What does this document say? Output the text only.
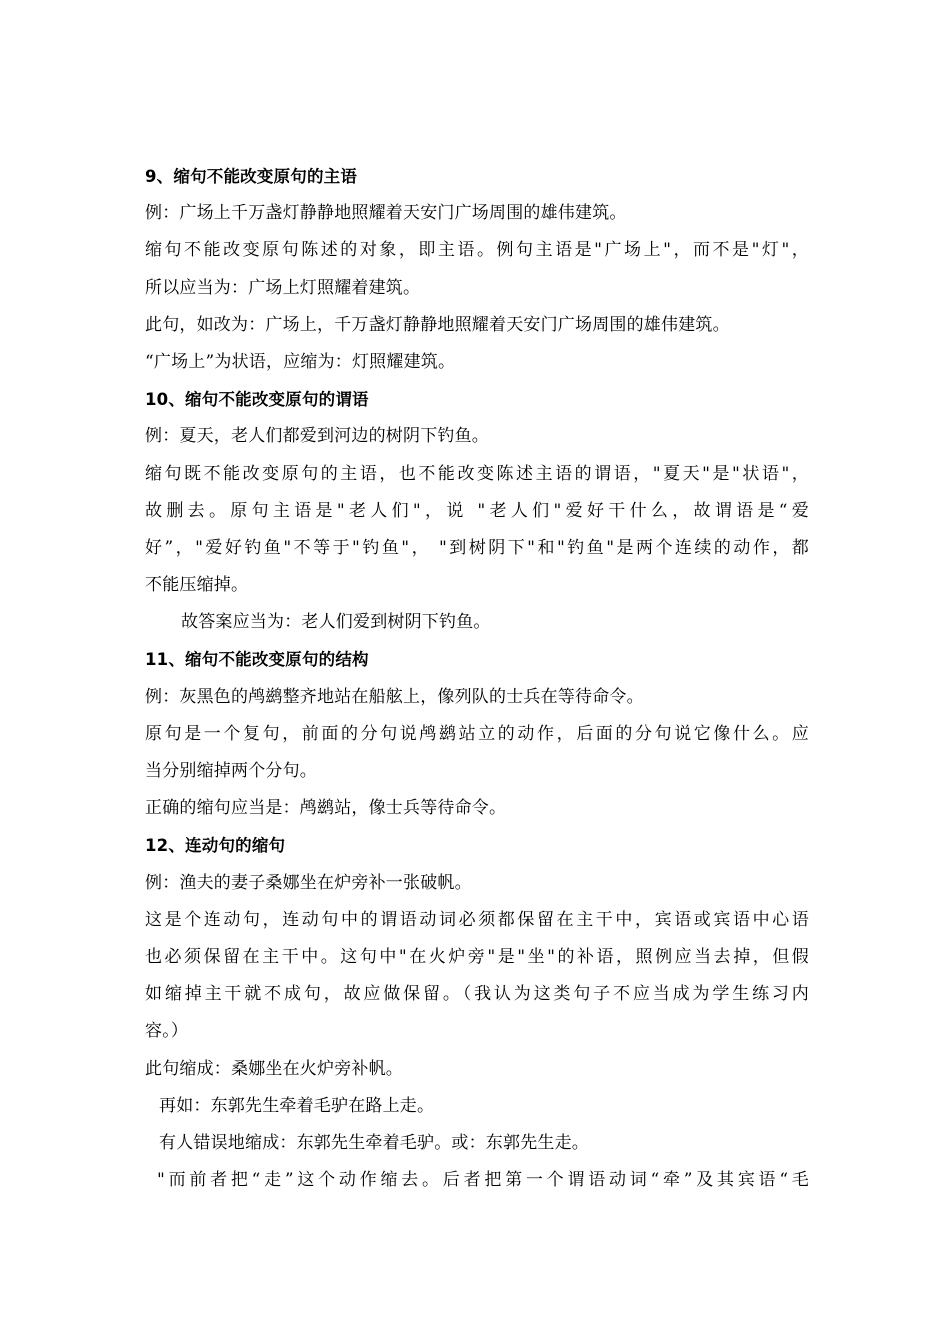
9、缩句不能改变原句的主语
例：广场上千万盏灯静静地照耀着天安门广场周围的雄伟建筑。
缩句不能改变原句陈述的对象，即主语。例句主语是"广场上"，而不是"灯"，
所以应当为：广场上灯照耀着建筑。
此句，如改为：广场上，千万盏灯静静地照耀着天安门广场周围的雄伟建筑。
“广场上”为状语，应缩为：灯照耀建筑。
10、缩句不能改变原句的谓语
例：夏天，老人们都爱到河边的树阴下钓鱼。
缩句既不能改变原句的主语，也不能改变陈述主语的谓语，"夏天"是"状语"，
故删去。原句主语是"老人们"，说 "老人们"爱好干什么，故谓语是“爱
好”，"爱好钓鱼"不等于"钓鱼"， "到树阴下"和"钓鱼"是两个连续的动作，都
不能压缩掉。
故答案应当为：老人们爱到树阴下钓鱼。
11、缩句不能改变原句的结构
例：灰黑色的鸬鹚整齐地站在船舷上，像列队的士兵在等待命令。
原句是一个复句，前面的分句说鸬鹚站立的动作，后面的分句说它像什么。应
当分别缩掉两个分句。
正确的缩句应当是：鸬鹚站，像士兵等待命令。
12、连动句的缩句
例：渔夫的妻子桑娜坐在炉旁补一张破帆。
这是个连动句，连动句中的谓语动词必须都保留在主干中，宾语或宾语中心语
也必须保留在主干中。这句中"在火炉旁"是"坐"的补语，照例应当去掉，但假
如缩掉主干就不成句，故应做保留。（我认为这类句子不应当成为学生练习内
容。）
此句缩成：桑娜坐在火炉旁补帆。
再如：东郭先生牵着毛驴在路上走。
有人错误地缩成：东郭先生牵着毛驴。或：东郭先生走。
"而前者把“走”这个动作缩去。后者把第一个谓语动词“牵”及其宾语“毛
